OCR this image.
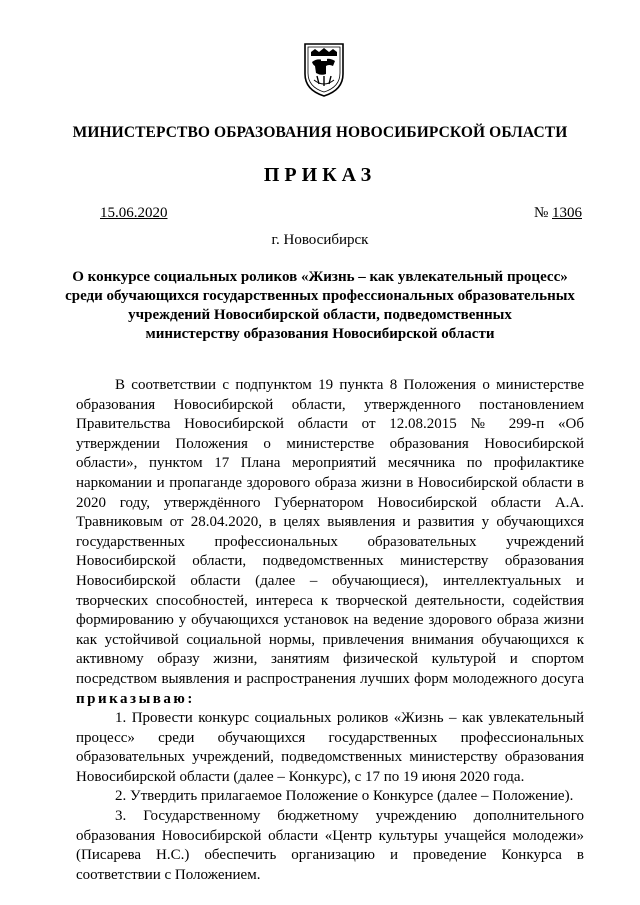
МИНИСТЕРСТВО ОБРАЗОВАНИЯ НОВОСИБИРСКОЙ ОБЛАСТИ
ПРИКАЗ
15.06.2020	№ 1306
г. Новосибирск
О конкурсе социальных роликов «Жизнь – как увлекательный процесс»
среди обучающихся государственных профессиональных образовательных
учреждений Новосибирской области, подведомственных
министерству образования Новосибирской области

В соответствии с подпунктом 19 пункта 8 Положения о министерстве образования Новосибирской области, утвержденного постановлением Правительства Новосибирской области от 12.08.2015 № 299-п «Об утверждении Положения о министерстве образования Новосибирской области», пунктом 17 Плана мероприятий месячника по профилактике наркомании и пропаганде здорового образа жизни в Новосибирской области в 2020 году, утверждённого Губернатором Новосибирской области А.А. Травниковым от 28.04.2020, в целях выявления и развития у обучающихся государственных профессиональных образовательных учреждений Новосибирской области, подведомственных министерству образования Новосибирской области (далее – обучающиеся), интеллектуальных и творческих способностей, интереса к творческой деятельности, содействия формированию у обучающихся установок на ведение здорового образа жизни как устойчивой социальной нормы, привлечения внимания обучающихся к активному образу жизни, занятиям физической культурой и спортом посредством выявления и распространения лучших форм молодежного досуга приказываю:

1. Провести конкурс социальных роликов «Жизнь – как увлекательный процесс» среди обучающихся государственных профессиональных образовательных учреждений, подведомственных министерству образования Новосибирской области (далее – Конкурс), с 17 по 19 июня 2020 года.

2. Утвердить прилагаемое Положение о Конкурсе (далее – Положение).

3. Государственному бюджетному учреждению дополнительного образования Новосибирской области «Центр культуры учащейся молодежи» (Писарева Н.С.) обеспечить организацию и проведение Конкурса в соответствии с Положением.
